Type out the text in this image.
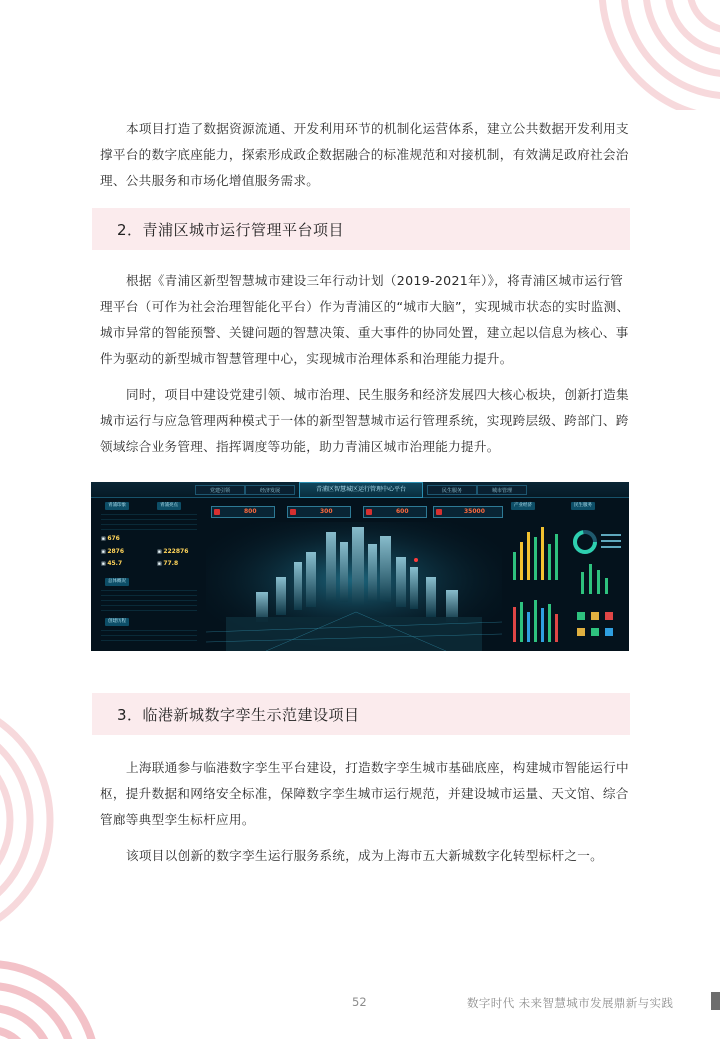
本项目打造了数据资源流通、开发利用环节的机制化运营体系，建立公共数据开发利用支撑平台的数字底座能力，探索形成政企数据融合的标准规范和对接机制，有效满足政府社会治理、公共服务和市场化增值服务需求。

2．青浦区城市运行管理平台项目

根据《青浦区新型智慧城市建设三年行动计划（2019-2021年）》，将青浦区城市运行管理平台（可作为社会治理智能化平台）作为青浦区的“城市大脑”，实现城市状态的实时监测、城市异常的智能预警、关键问题的智慧决策、重大事件的协同处置，建立起以信息为核心、事件为驱动的新型城市智慧管理中心，实现城市治理体系和治理能力提升。

同时，项目中建设党建引领、城市治理、民生服务和经济发展四大核心板块，创新打造集城市运行与应急管理两种模式于一体的新型智慧城市运行管理系统，实现跨层级、跨部门、跨领域综合业务管理、指挥调度等功能，助力青浦区城市治理能力提升。

党建引领	经济发展	青浦区智慧城区运行管理中心平台	民生服务	城市管理
青浦印象	青浦亮点
▣ 676
▣ 2876	▣ 222876
▣ 45.7	▣ 77.8
总体概况
创建历程
800	300	600	35000
产业经济	民生服务
3．临港新城数字孪生示范建设项目

上海联通参与临港数字孪生平台建设，打造数字孪生城市基础底座，构建城市智能运行中枢，提升数据和网络安全标准，保障数字孪生城市运行规范，并建设城市运量、天文馆、综合管廊等典型孪生标杆应用。

该项目以创新的数字孪生运行服务系统，成为上海市五大新城数字化转型标杆之一。

52	数字时代 未来智慧城市发展鼎新与实践
